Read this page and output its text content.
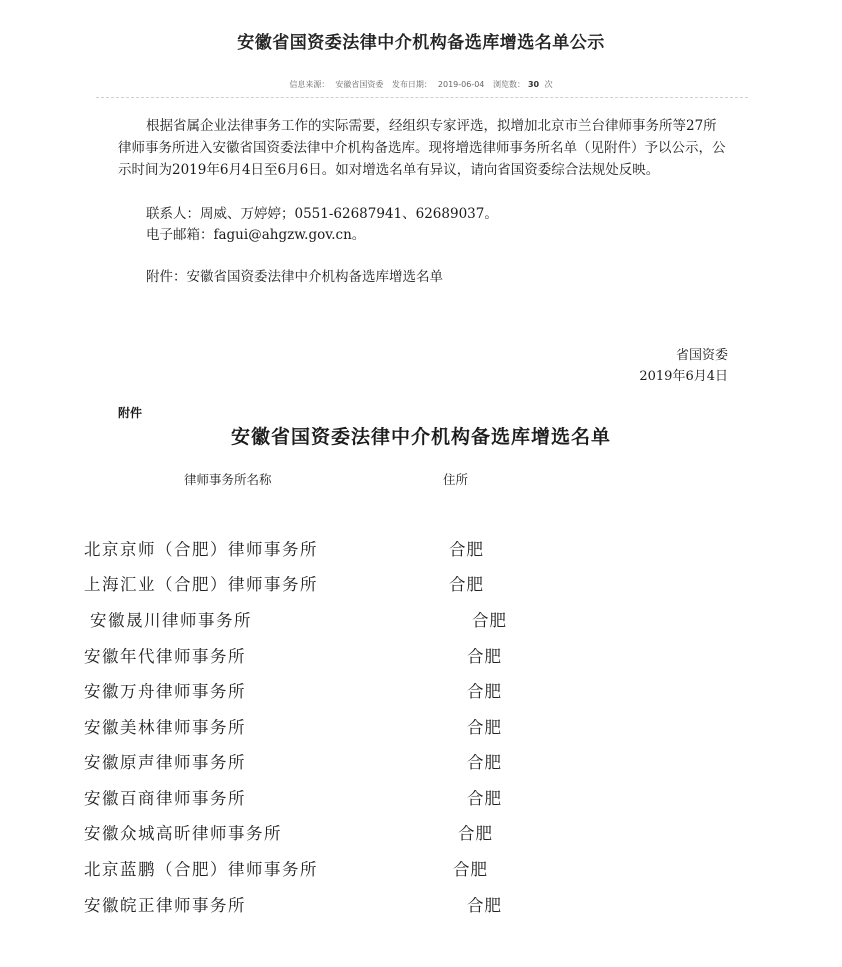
安徽省国资委法律中介机构备选库增选名单公示
信息来源： 安徽省国资委 发布日期： 2019-06-04 浏览数： 30 次

根据省属企业法律事务工作的实际需要，经组织专家评选，拟增加北京市兰台律师事务所等27所律师事务所进入安徽省国资委法律中介机构备选库。现将增选律师事务所名单（见附件）予以公示，公示时间为2019年6月4日至6月6日。如对增选名单有异议，请向省国资委综合法规处反映。

联系人：周威、万婷婷；0551-62687941、62689037。
电子邮箱：fagui@ahgzw.gov.cn。
附件：安徽省国资委法律中介机构备选库增选名单
省国资委
2019年6月4日
附件
安徽省国资委法律中介机构备选库增选名单
律师事务所名称	住所
北京京师（合肥）律师事务所	合肥
上海汇业（合肥）律师事务所	合肥
安徽晟川律师事务所	合肥
安徽年代律师事务所	合肥
安徽万舟律师事务所	合肥
安徽美林律师事务所	合肥
安徽原声律师事务所	合肥
安徽百商律师事务所	合肥
安徽众城高昕律师事务所	合肥
北京蓝鹏（合肥）律师事务所	合肥
安徽皖正律师事务所	合肥
